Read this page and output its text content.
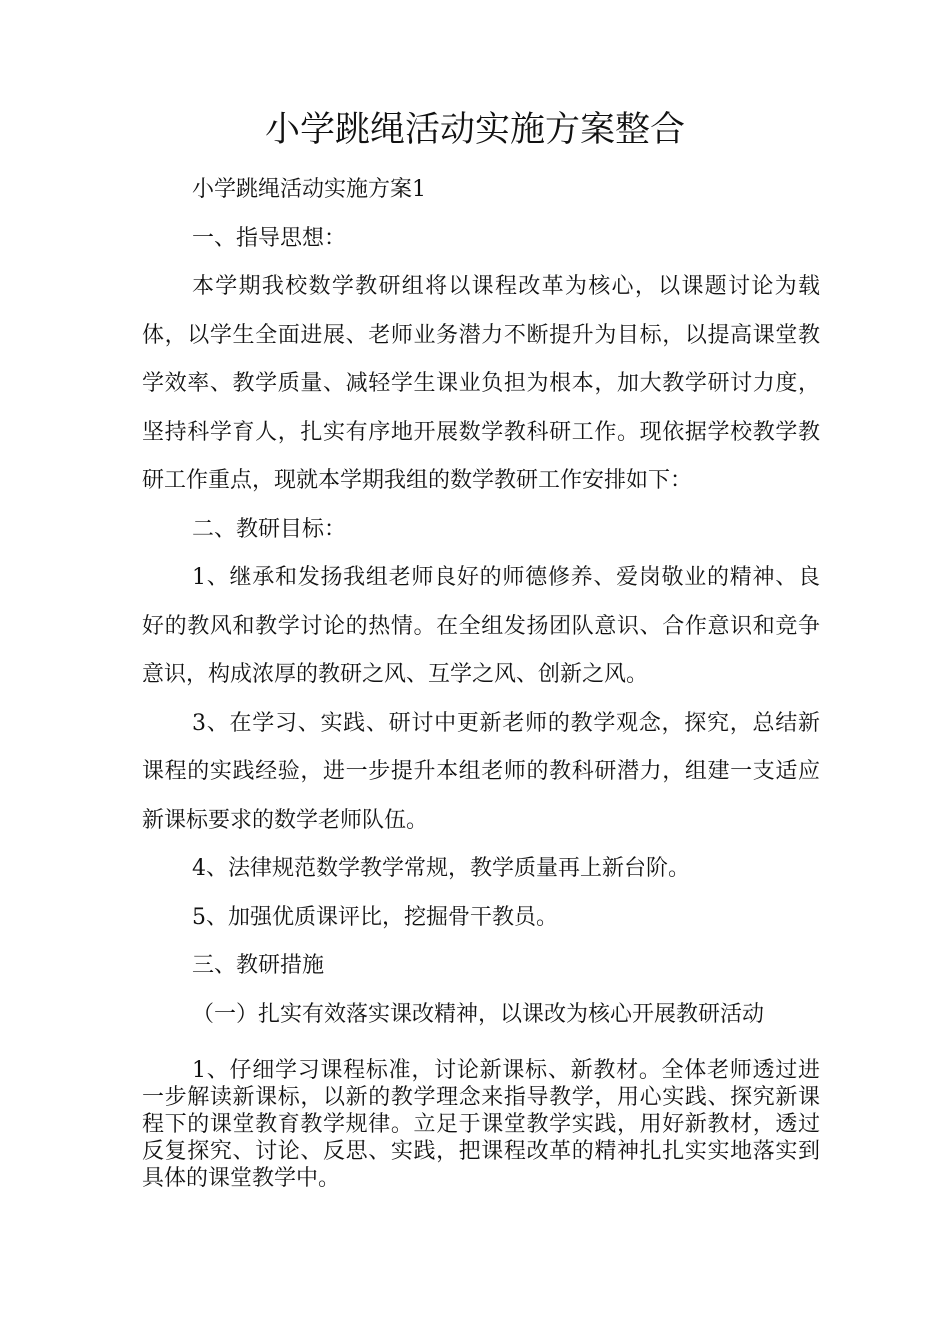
小学跳绳活动实施方案整合

小学跳绳活动实施方案1

一、指导思想：

本学期我校数学教研组将以课程改革为核心，以课题讨论为载体，以学生全面进展、老师业务潜力不断提升为目标，以提高课堂教学效率、教学质量、减轻学生课业负担为根本，加大教学研讨力度，坚持科学育人，扎实有序地开展数学教科研工作。现依据学校教学教研工作重点，现就本学期我组的数学教研工作安排如下：

二、教研目标：

1、继承和发扬我组老师良好的师德修养、爱岗敬业的精神、良好的教风和教学讨论的热情。在全组发扬团队意识、合作意识和竞争意识，构成浓厚的教研之风、互学之风、创新之风。

3、在学习、实践、研讨中更新老师的教学观念，探究，总结新课程的实践经验，进一步提升本组老师的教科研潜力，组建一支适应新课标要求的数学老师队伍。

4、法律规范数学教学常规，教学质量再上新台阶。

5、加强优质课评比，挖掘骨干教员。

三、教研措施

（一）扎实有效落实课改精神，以课改为核心开展教研活动

1、仔细学习课程标准，讨论新课标、新教材。全体老师透过进一步解读新课标，以新的教学理念来指导教学，用心实践、探究新课程下的课堂教育教学规律。立足于课堂教学实践，用好新教材，透过反复探究、讨论、反思、实践，把课程改革的精神扎扎实实地落实到具体的课堂教学中。
